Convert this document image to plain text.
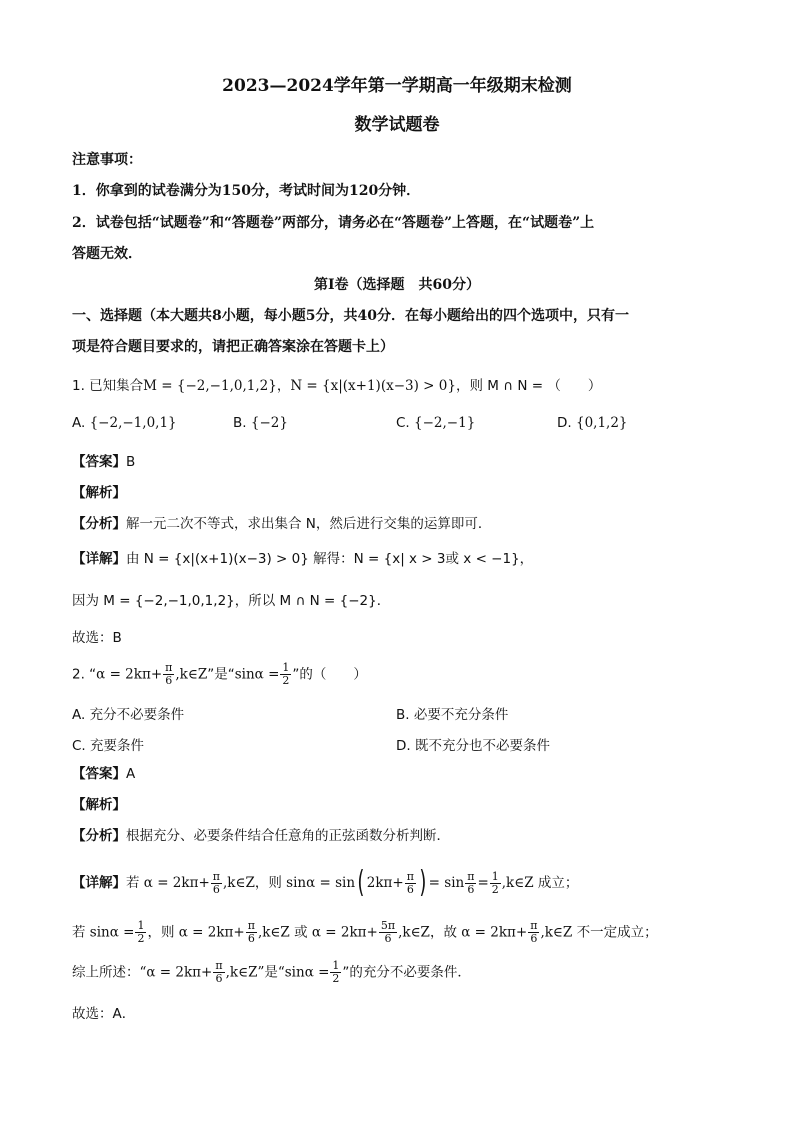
2023—2024学年第一学期高一年级期末检测
数学试题卷
注意事项：
1．你拿到的试卷满分为150分，考试时间为120分钟．
2．试卷包括“试题卷”和“答题卷”两部分，请务必在“答题卷”上答题，在“试题卷”上
答题无效．
第Ⅰ卷（选择题　共60分）
一、选择题（本大题共8小题，每小题5分，共40分．在每小题给出的四个选项中，只有一
项是符合题目要求的，请把正确答案涂在答题卡上）
1. 已知集合M = {−2,−1,0,1,2}，N = {x|(x+1)(x−3) > 0}，则 M ∩ N = （　　）
A. {−2,−1,0,1}	B. {−2}	C. {−2,−1}	D. {0,1,2}
【答案】B
【解析】
【分析】解一元二次不等式，求出集合 N，然后进行交集的运算即可．
【详解】由 N = {x|(x+1)(x−3) > 0} 解得：N = {x| x > 3或 x < −1}，
因为 M = {−2,−1,0,1,2}，所以 M ∩ N = {−2}．
故选：B
2. “$\alpha = 2k\pi+ \frac{\pi}{6}$ ,k∈Z”是“$\sin\alpha = \frac{1}{2}$ ”的（　　）
A. 充分不必要条件	B. 必要不充分条件
C. 充要条件	D. 既不充分也不必要条件
【答案】A
【解析】
【分析】根据充分、必要条件结合任意角的正弦函数分析判断．
【详解】若 $\alpha = 2k\pi+ \frac{\pi}{6}$ ,k∈Z，则 sinα = sin( $2k\pi+ \frac{\pi}{6}$ ) = $\sin \frac{\pi}{6} = \frac{1}{2}$ ,k∈Z 成立；
若 $\sin\alpha = \frac{1}{2}$ ，则 $\alpha = 2k\pi+ \frac{\pi}{6}$ ,k∈Z 或 $\alpha = 2k\pi+ \frac{5\pi}{6}$ ,k∈Z，故 $\alpha = 2k\pi+ \frac{\pi}{6}$ ,k∈Z 不一定成立；
综上所述：“$\alpha = 2k\pi+ \frac{\pi}{6}$ ,k∈Z”是“$\sin\alpha = \frac{1}{2}$ ”的充分不必要条件．
故选：A．
